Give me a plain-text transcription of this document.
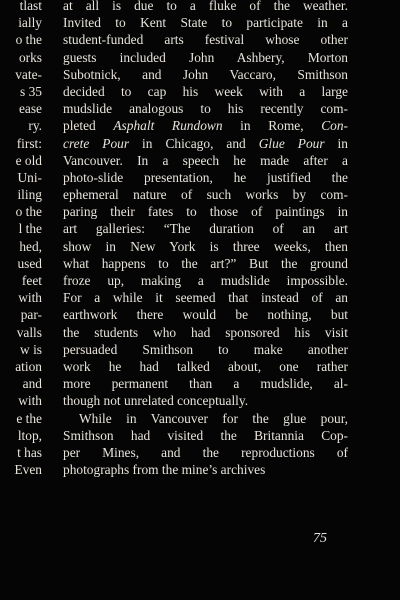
tlast
ially
o the
orks
vate-
s 35
ease
ry.
first:
e old
Uni-
iling
o the
l the
hed,
used
feet
with
par-
valls
w is
ation
and
with
e the
ltop,
t has
Even
at all is due to a fluke of the weather.
Invited to Kent State to participate in a
student-funded arts festival whose other
guests included John Ashbery, Morton
Subotnick, and John Vaccaro, Smithson
decided to cap his week with a large
mudslide analogous to his recently com-
pleted Asphalt Rundown in Rome, Con-
crete Pour in Chicago, and Glue Pour in
Vancouver. In a speech he made after a
photo-slide presentation, he justified the
ephemeral nature of such works by com-
paring their fates to those of paintings in
art galleries: “The duration of an art
show in New York is three weeks, then
what happens to the art?” But the ground
froze up, making a mudslide impossible.
For a while it seemed that instead of an
earthwork there would be nothing, but
the students who had sponsored his visit
persuaded Smithson to make another
work he had talked about, one rather
more permanent than a mudslide, al-
though not unrelated conceptually.
While in Vancouver for the glue pour,
Smithson had visited the Britannia Cop-
per Mines, and the reproductions of
photographs from the mine’s archives
75
